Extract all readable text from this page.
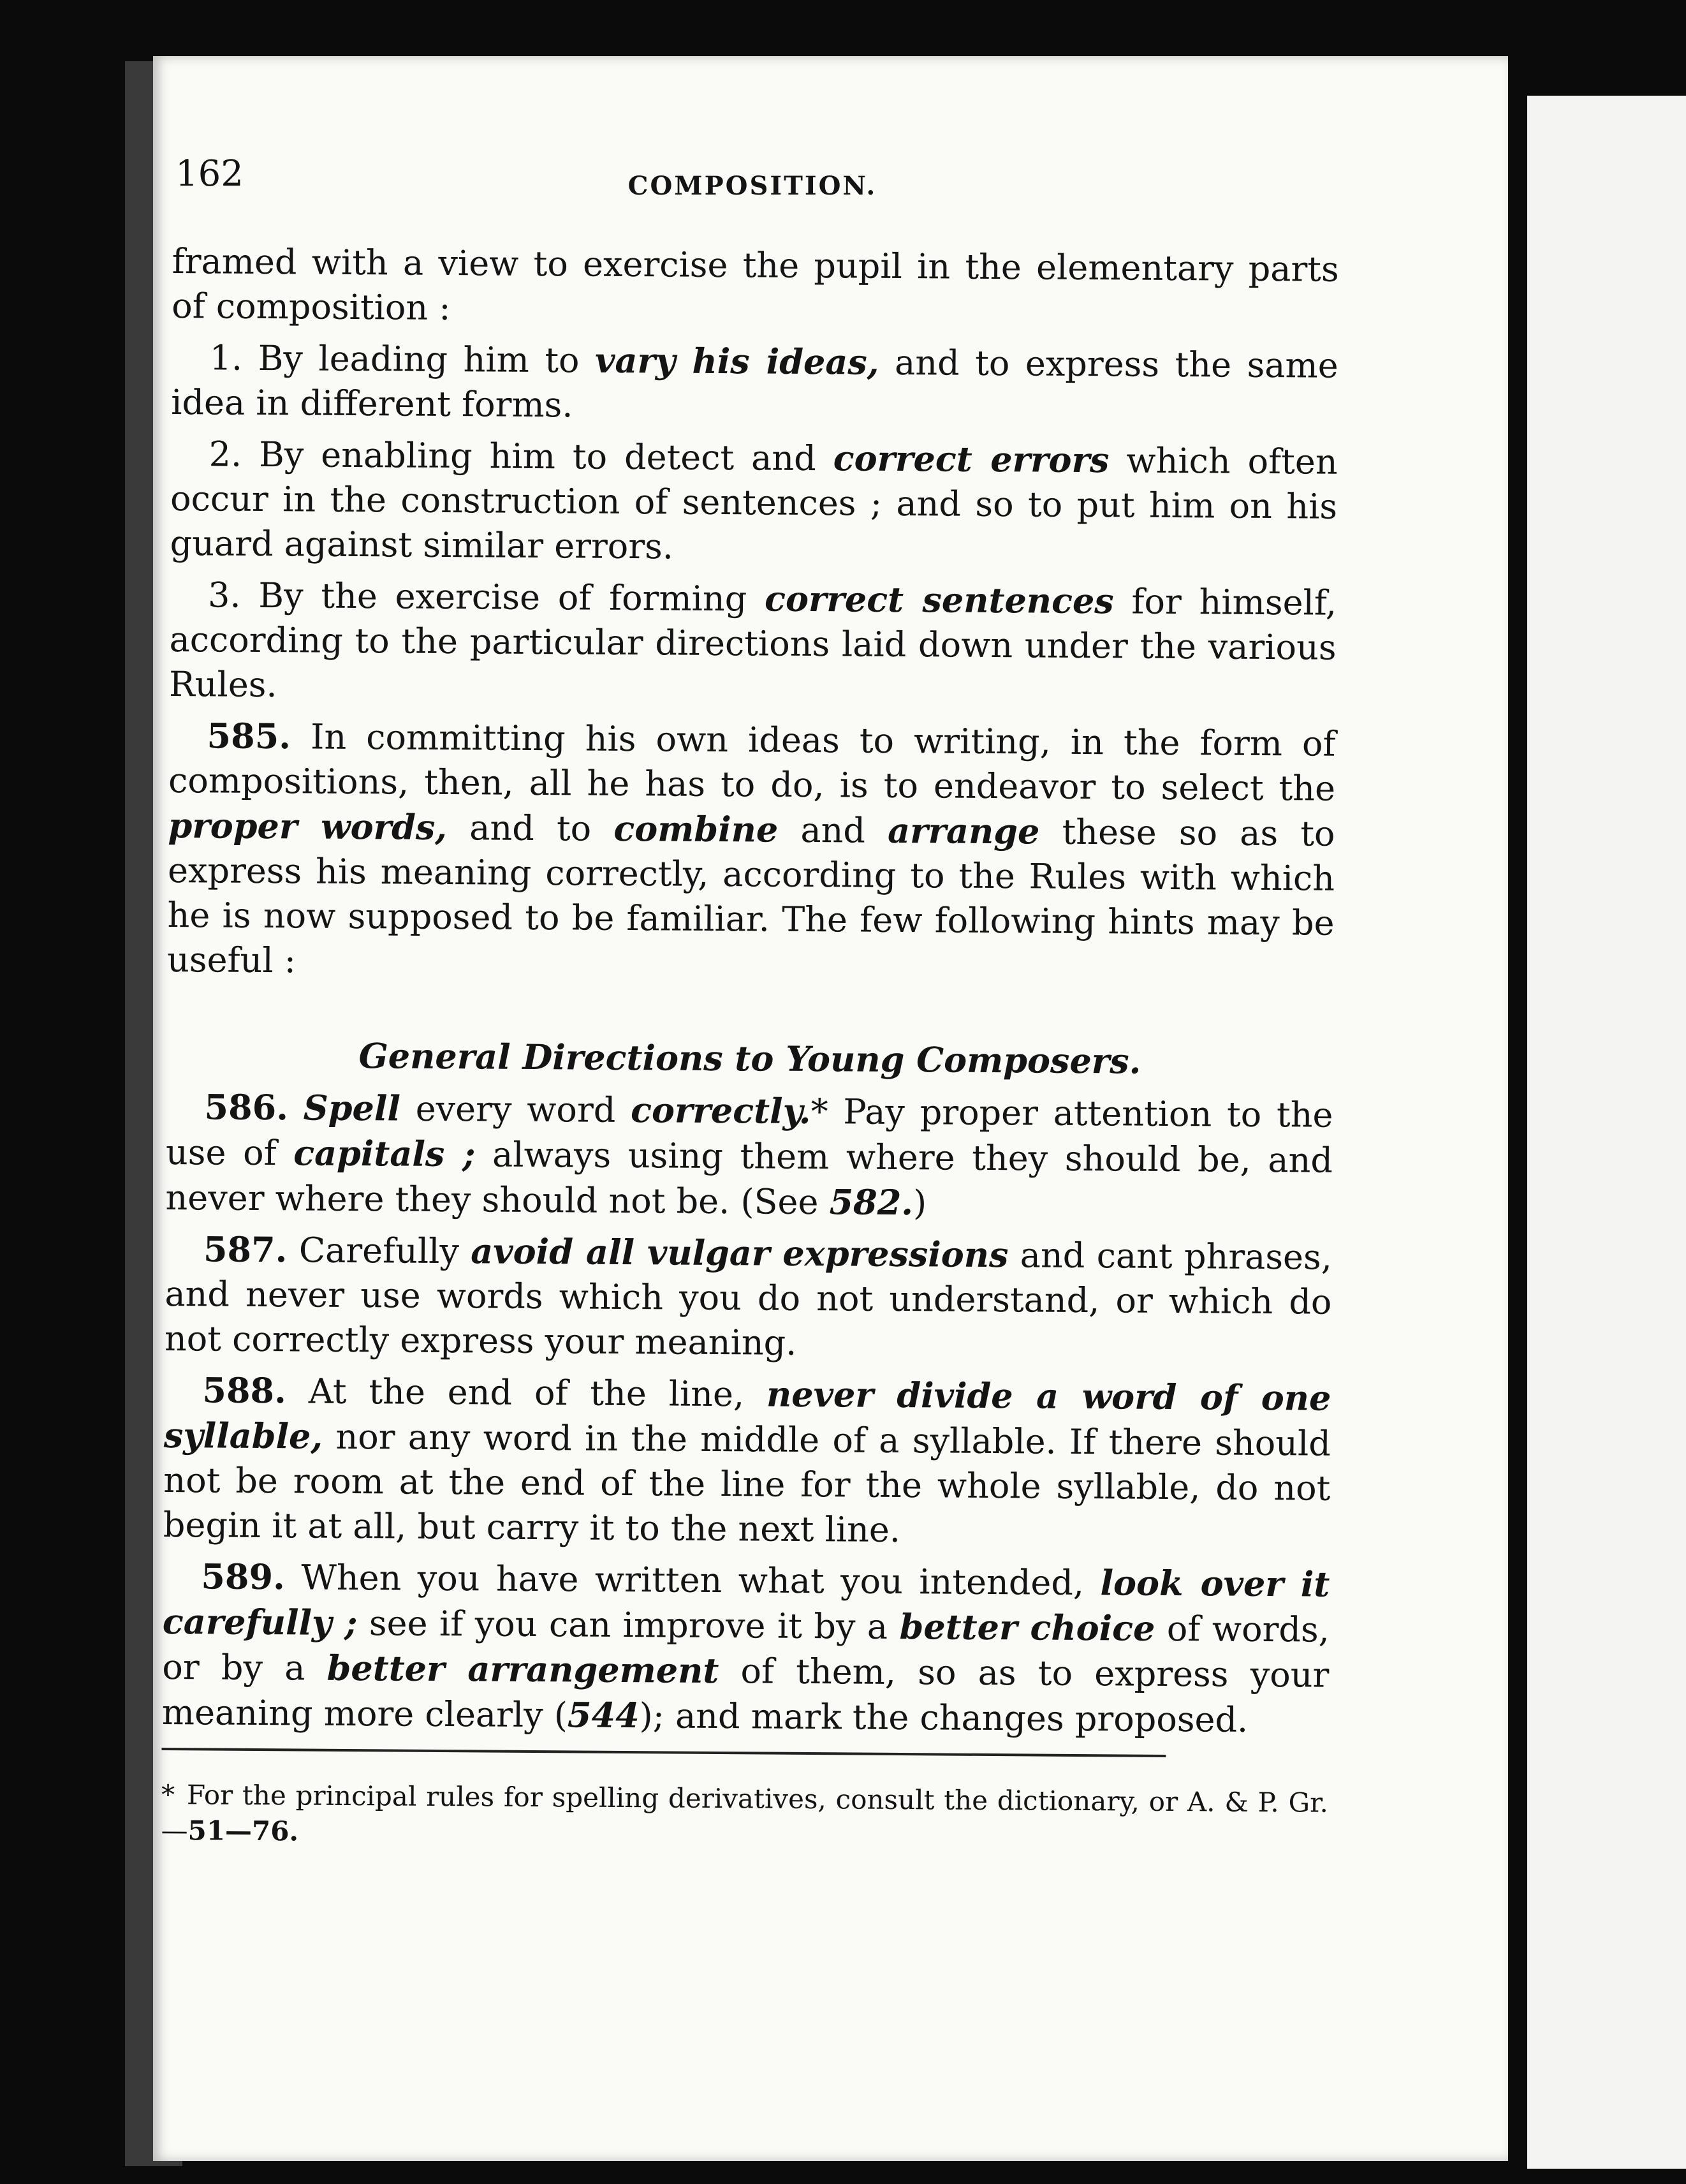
162	COMPOSITION.

framed with a view to exercise the pupil in the elementary parts of composition :

1. By leading him to vary his ideas, and to express the same idea in different forms.

2. By enabling him to detect and correct errors which often occur in the construction of sentences ; and so to put him on his guard against similar errors.

3. By the exercise of forming correct sentences for himself, according to the particular directions laid down under the various Rules.

585. In committing his own ideas to writing, in the form of compositions, then, all he has to do, is to endeavor to select the proper words, and to combine and arrange these so as to express his meaning correctly, according to the Rules with which he is now supposed to be familiar. The few following hints may be useful :

General Directions to Young Composers.

586. Spell every word correctly.* Pay proper attention to the use of capitals ; always using them where they should be, and never where they should not be. (See 582.)

587. Carefully avoid all vulgar expressions and cant phrases, and never use words which you do not understand, or which do not correctly express your meaning.

588. At the end of the line, never divide a word of one syllable, nor any word in the middle of a syllable. If there should not be room at the end of the line for the whole syllable, do not begin it at all, but carry it to the next line.

589. When you have written what you intended, look over it carefully ; see if you can improve it by a better choice of words, or by a better arrangement of them, so as to express your meaning more clearly (544); and mark the changes proposed.

* For the principal rules for spelling derivatives, consult the dictionary, or A. & P. Gr.—51—76.
